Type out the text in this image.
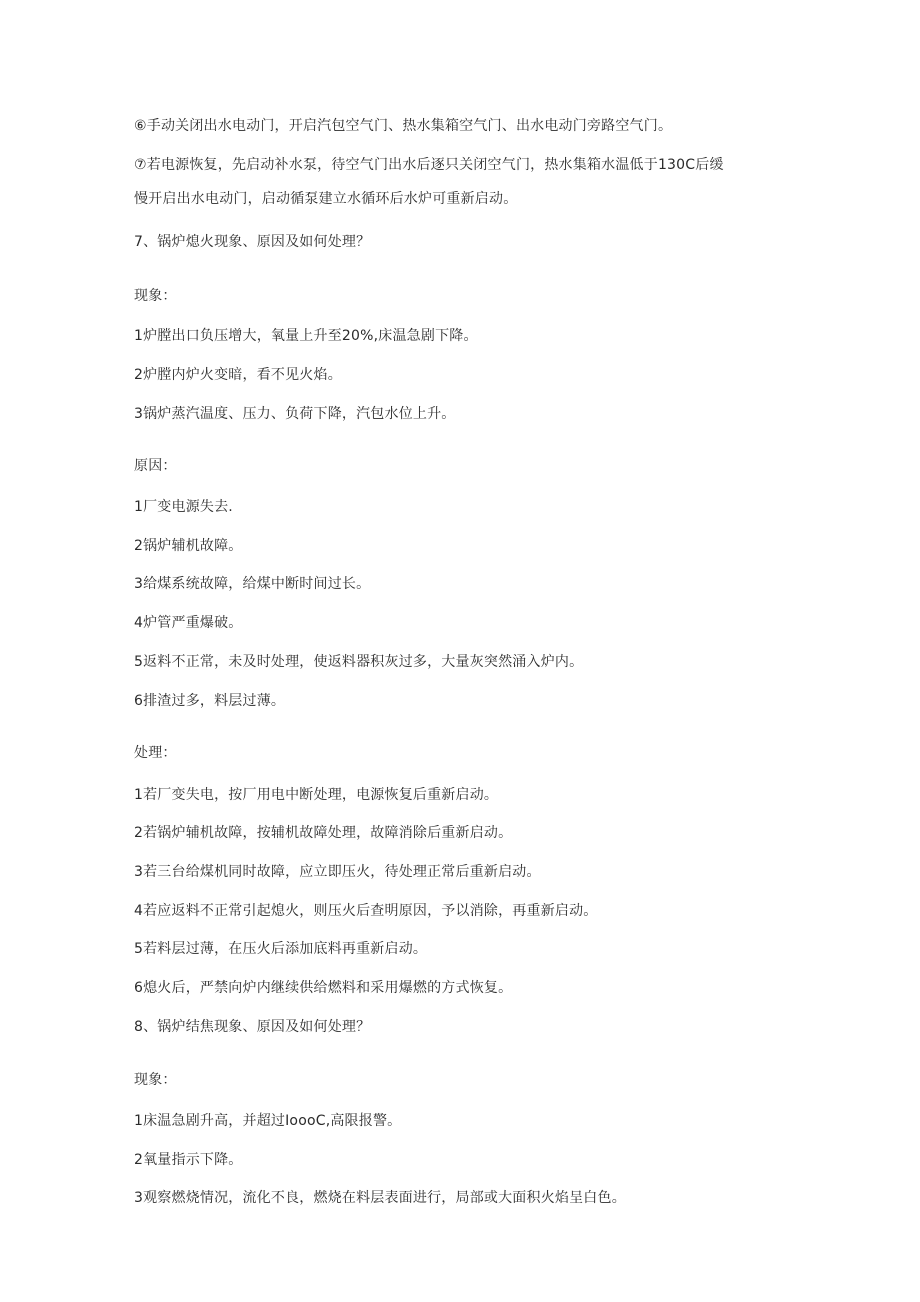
⑥手动关闭出水电动门，开启汽包空气门、热水集箱空气门、出水电动门旁路空气门。
⑦若电源恢复，先启动补水泵，待空气门出水后逐只关闭空气门，热水集箱水温低于130C后缓
慢开启出水电动门，启动循泵建立水循环后水炉可重新启动。
7、锅炉熄火现象、原因及如何处理？
现象：
1炉膛出口负压增大，氧量上升至20%,床温急剧下降。
2炉膛内炉火变暗，看不见火焰。
3锅炉蒸汽温度、压力、负荷下降，汽包水位上升。
原因：
1厂变电源失去.
2锅炉辅机故障。
3给煤系统故障，给煤中断时间过长。
4炉管严重爆破。
5返料不正常，未及时处理，使返料器积灰过多，大量灰突然涌入炉内。
6排渣过多，料层过薄。
处理：
1若厂变失电，按厂用电中断处理，电源恢复后重新启动。
2若锅炉辅机故障，按辅机故障处理，故障消除后重新启动。
3若三台给煤机同时故障，应立即压火，待处理正常后重新启动。
4若应返料不正常引起熄火，则压火后查明原因，予以消除，再重新启动。
5若料层过薄，在压火后添加底料再重新启动。
6熄火后，严禁向炉内继续供给燃料和采用爆燃的方式恢复。
8、锅炉结焦现象、原因及如何处理？
现象：
1床温急剧升高，并超过IoooC,高限报警。
2氧量指示下降。
3观察燃烧情况，流化不良，燃烧在料层表面进行，局部或大面积火焰呈白色。
